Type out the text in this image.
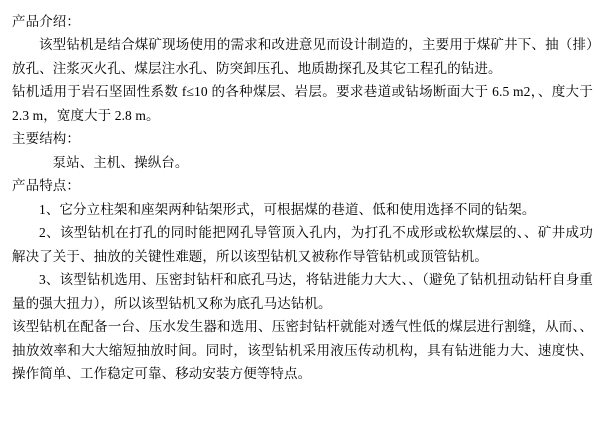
产品介绍：

该型钻机是结合煤矿现场使用的需求和改进意见而设计制造的，主要用于煤矿井下、抽（排）放孔、注浆灭火孔、煤层注水孔、防突卸压孔、地质勘探孔及其它工程孔的钻进。

钻机适用于岩石坚固性系数 f≤10 的各种煤层、岩层。要求巷道或钻场断面大于 6.5 m2，、度大于 2.3 m，宽度大于 2.8 m。

主要结构：

泵站、主机、操纵台。

产品特点：

1、它分立柱架和座架两种钻架形式，可根据煤的巷道、低和使用选择不同的钻架。

2、该型钻机在打孔的同时能把网孔导管顶入孔内，为打孔不成形或松软煤层的、、矿井成功解决了关于、抽放的关键性难题，所以该型钻机又被称作导管钻机或顶管钻机。

3、该型钻机选用、压密封钻杆和底孔马达，将钻进能力大大、、（避免了钻机扭动钻杆自身重量的强大扭力），所以该型钻机又称为底孔马达钻机。

该型钻机在配备一台、压水发生器和选用、压密封钻杆就能对透气性低的煤层进行割缝，从而、、抽放效率和大大缩短抽放时间。同时，该型钻机采用液压传动机构，具有钻进能力大、速度快、操作简单、工作稳定可靠、移动安装方便等特点。
